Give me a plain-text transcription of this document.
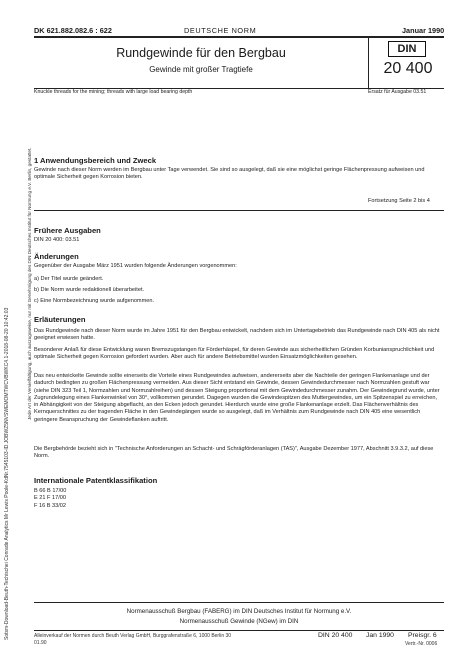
Sotsm-Download-Beuth-Techischei Conrade Analytics Mr Lewis Poole-KdNr.7545103-ID.JOBWZ5NVSWEMOMTWCVBWKC4.1-2018-08-20 10:42:03
Jede Art der Vervielfältigung, auch auszugsweise, nur mit Genehmigung des DIN Deutsches Institut für Normung e.V. Berlin, gestattet.
DK 621.882.082.6 : 622	DEUTSCHE NORM	Januar 1990
Rundgewinde für den Bergbau
Gewinde mit großer Tragtiefe
DIN
20 400
Knuckle threads for the mining; threads with large load bearing depth	Ersatz für Ausgabe 03.51
1 Anwendungsbereich und Zweck
Gewinde nach dieser Norm werden im Bergbau unter Tage verwendet. Sie sind so ausgelegt, daß sie eine möglichst geringe Flächenpressung aufweisen und optimale Sicherheit gegen Korrosion bieten.
Fortsetzung Seite 2 bis 4
Frühere Ausgaben
DIN 20 400: 03.51
Änderungen
Gegenüber der Ausgabe März 1951 wurden folgende Änderungen vorgenommen:
a) Der Titel wurde geändert.
b) Die Norm wurde redaktionell überarbeitet.
c) Eine Normbezeichnung wurde aufgenommen.
Erläuterungen
Das Rundgewinde nach dieser Norm wurde im Jahre 1951 für den Bergbau entwickelt, nachdem sich im Untertagebetrieb das Rundgewinde nach DIN 405 als nicht geeignet erwiesen hatte.
Besonderer Anlaß für diese Entwicklung waren Bremszugstangen für Förderhäspel, für deren Gewinde aus sicherheitlichen Gründen Korbunianspruchlichkeit und optimale Sicherheit gegen Korrosion gefordert wurden. Aber auch für andere Betriebsmittel wurden Einsatzmöglichkeiten gesehen.
Das neu entwickelte Gewinde sollte einerseits die Vorteile eines Rundgewindes aufweisen, andererseits aber die Nachteile der geringen Flankenanlage und der dadurch bedingten zu großen Flächenpressung vermeiden. Aus dieser Sicht entstand ein Gewinde, dessen Gewindedurchmesser nach Normzahlen gestuft war (siehe DIN 323 Teil 1, Normzahlen und Normzahlreihen) und dessen Steigung proportional mit dem Gewindedurchmesser zunahm. Der Gewindegrund wurde, unter Zugrundelegung eines Flankenwinkel von 30°, vollkommen gerundet. Dagegen wurden die Gewindespitzen des Muttergewindes, um ein Spitzenspiel zu erreichen, in Abhängigkeit von der Steigung abgeflacht, an den Ecken jedoch gerundet. Hierdurch wurde eine große Flankenanlage erzielt. Das Flächenverhältnis des Kernquerschnittes zu der tragenden Fläche in den Gewindegängen wurde so ausgelegt, daß im Verhältnis zum Rundgewinde nach DIN 405 eine wesentlich geringere Beanspruchung der Gewindeflanken auftritt.
Die Bergbehörde bezieht sich in "Technische Anforderungen an Schacht- und Schrägförderanlagen (TAS)", Ausgabe Dezember 1977, Abschnitt 3.9.3.2, auf diese Norm.
Internationale Patentklassifikation
B 66 B 17/00
E 21 F 17/00
F 16 B 33/02
Normenausschuß Bergbau (FABERG) im DIN Deutsches Institut für Normung e.V.
Normenausschuß Gewinde (NGew) im DIN
Alleinverkauf der Normen durch Beuth Verlag GmbH, Burggrafenstraße 6, 1000 Berlin 30
01.90
DIN 20 400 Jan 1990 Preisgr. 6
Vertr.-Nr. 0006
